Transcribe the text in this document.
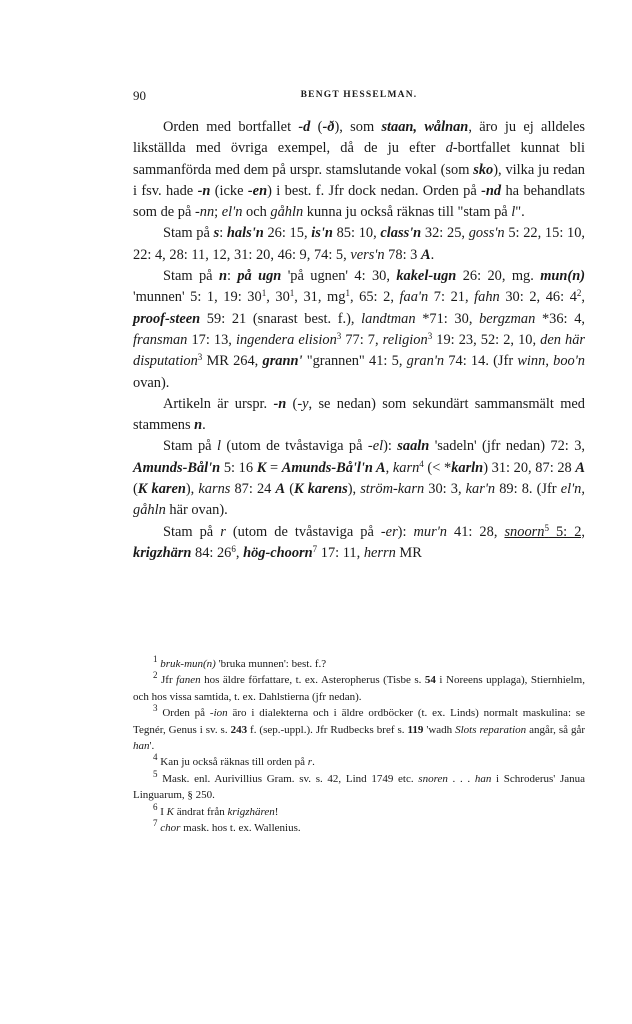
90	BENGT HESSELMAN.

Orden med bortfallet -d (-ð), som staan, wålnan, äro ju ej alldeles likställda med övriga exempel, då de ju efter d-bortfallet kunnat bli sammanförda med dem på urspr. stamslutande vokal (som sko), vilka ju redan i fsv. hade -n (icke -en) i best. f. Jfr dock nedan. Orden på -nd ha behandlats som de på -nn; el'n och gåhln kunna ju också räknas till "stam på l".

Stam på s: hals'n 26: 15, is'n 85: 10, class'n 32: 25, goss'n 5: 22, 15: 10, 22: 4, 28: 11, 12, 31: 20, 46: 9, 74: 5, vers'n 78: 3 A.

Stam på n: på ugn 'på ugnen' 4: 30, kakel-ugn 26: 20, mg. mun(n) 'munnen' 5: 1, 19: $30^1$, $30^1$, 31, $mg^1$, 65: 2, faa'n 7: 21, fahn 30: 2, 46: $4^2$, proof-steen 59: 21 (snarast best. f.), landtman *71: 30, bergzman *36: 4, fransman 17: 13, ingendera elision$^3$ 77: 7, religion$^3$ 19: 23, 52: 2, 10, den här disputation$^3$ MR 264, grann' "grannen" 41: 5, gran'n 74: 14. (Jfr winn, boo'n ovan).

Artikeln är urspr. -n (-y, se nedan) som sekundärt sammansmält med stammens n.

Stam på l (utom de tvåstaviga på -el): saaln 'sadeln' (jfr nedan) 72: 3, Amunds-Bål'n 5: 16 K = Amunds-Bå'l'n A, karn$^4$ (< *karln) 31: 20, 87: 28 A (K karen), karns 87: 24 A (K karens), ström-karn 30: 3, kar'n 89: 8. (Jfr el'n, gåhln här ovan).

Stam på r (utom de tvåstaviga på -er): mur'n 41: 28, snoorn$^5$ 5: 2, krigzhärn 84: $26^6$, hög-choorn$^7$ 17: 11, herrn MR

$^1$ bruk-mun(n) 'bruka munnen': best. f.?

$^2$ Jfr fanen hos äldre författare, t. ex. Asteropherus (Tisbe s. 54 i Noreens upplaga), Stiernhielm, och hos vissa samtida, t. ex. Dahlstierna (jfr nedan).

$^3$ Orden på -ion äro i dialekterna och i äldre ordböcker (t. ex. Linds) normalt maskulina: se Tegnér, Genus i sv. s. 243 f. (sep.-uppl.). Jfr Rudbecks bref s. 119 'wadh Slots reparation angår, så går han'.

$^4$ Kan ju också räknas till orden på r.

$^5$ Mask. enl. Aurivillius Gram. sv. s. 42, Lind 1749 etc. snoren . . . han i Schroderus' Janua Linguarum, § 250.

$^6$ I K ändrat från krigzhären!

$^7$ chor mask. hos t. ex. Wallenius.
